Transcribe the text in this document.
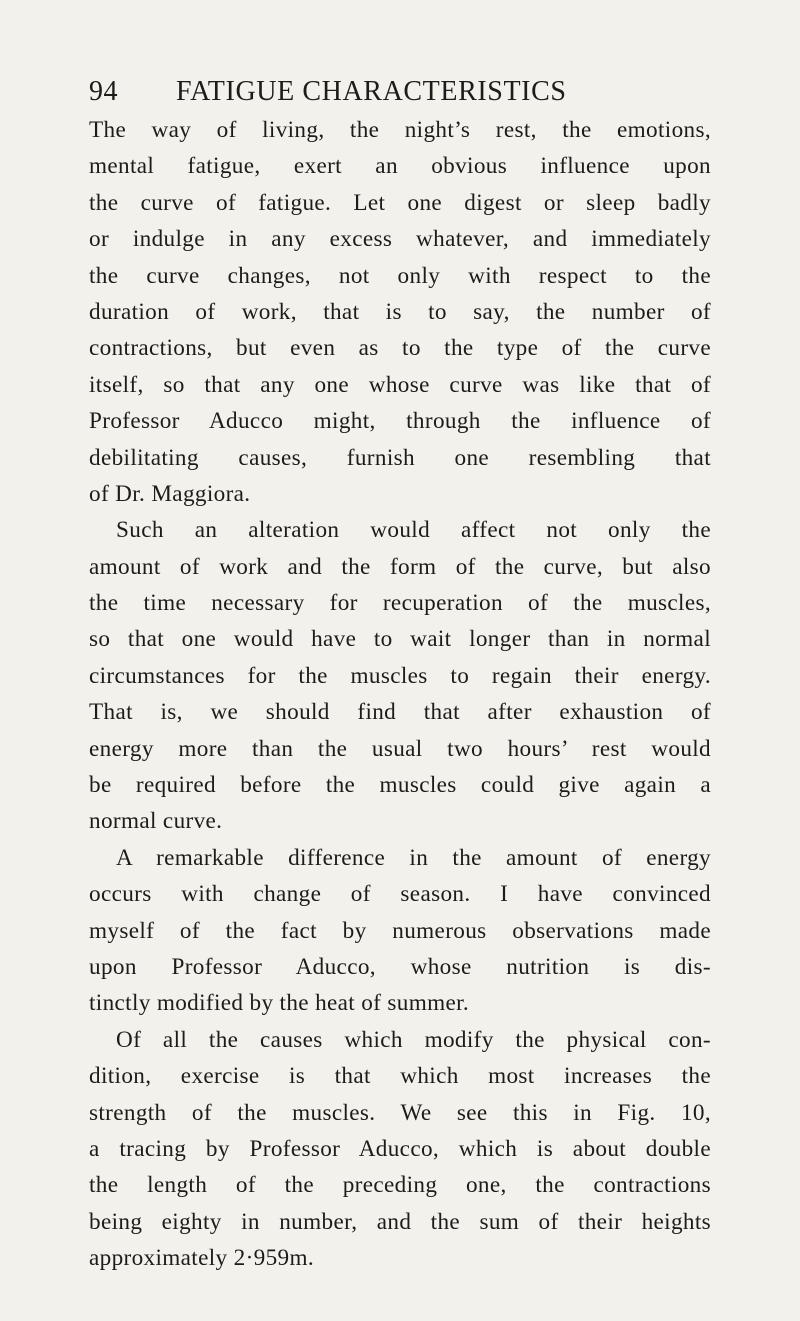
94 FATIGUE CHARACTERISTICS
The way of living, the night’s rest, the emotions,
mental fatigue, exert an obvious influence upon
the curve of fatigue. Let one digest or sleep badly
or indulge in any excess whatever, and immediately
the curve changes, not only with respect to the
duration of work, that is to say, the number of
contractions, but even as to the type of the curve
itself, so that any one whose curve was like that of
Professor Aducco might, through the influence of
debilitating causes, furnish one resembling that
of Dr. Maggiora.
Such an alteration would affect not only the
amount of work and the form of the curve, but also
the time necessary for recuperation of the muscles,
so that one would have to wait longer than in normal
circumstances for the muscles to regain their energy.
That is, we should find that after exhaustion of
energy more than the usual two hours’ rest would
be required before the muscles could give again a
normal curve.
A remarkable difference in the amount of energy
occurs with change of season. I have convinced
myself of the fact by numerous observations made
upon Professor Aducco, whose nutrition is dis-
tinctly modified by the heat of summer.
Of all the causes which modify the physical con-
dition, exercise is that which most increases the
strength of the muscles. We see this in Fig. 10,
a tracing by Professor Aducco, which is about double
the length of the preceding one, the contractions
being eighty in number, and the sum of their heights
approximately 2·959m.
